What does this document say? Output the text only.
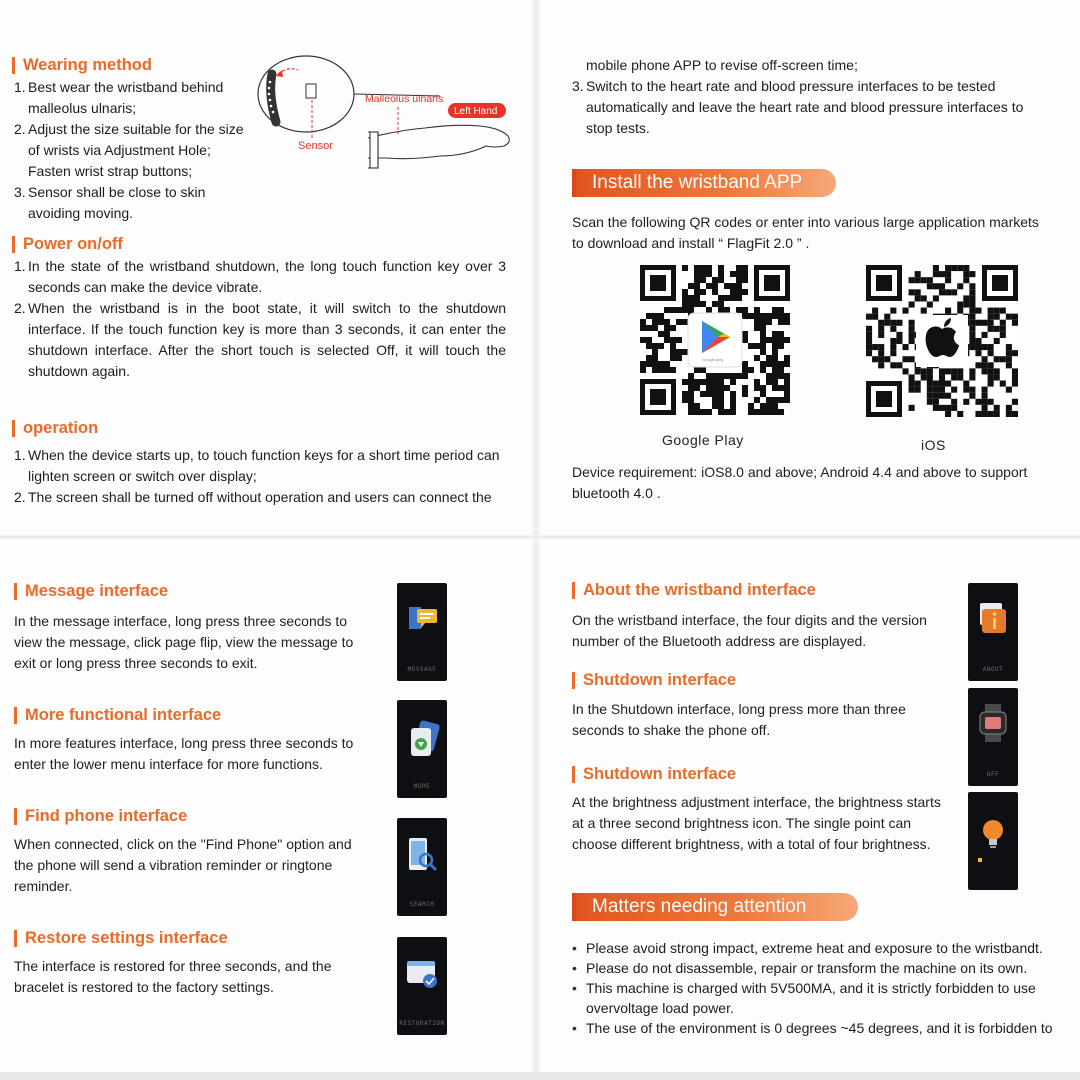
Wearing method
1. Best wear the wristband behind malleolus ulnaris;
2. Adjust the size suitable for the size of wrists via Adjustment Hole; Fasten wrist strap buttons;
3. Sensor shall be close to skin avoiding moving.
Sensor
Malleolus ulnaris
Left Hand
Power on/off
1. In the state of the wristband shutdown, the long touch function key over 3 seconds can make the device vibrate.
2. When the wristband is in the boot state, it will switch to the shutdown interface. If the touch function key is more than 3 seconds, it can enter the shutdown interface. After the short touch is selected Off, it will touch the shutdown again.
operation
1. When the device starts up, to touch function keys for a short time period can lighten screen or switch over display;
2. The screen shall be turned off without operation and users can connect the
mobile phone APP to revise off-screen time;
3. Switch to the heart rate and blood pressure interfaces to be tested automatically and leave the heart rate and blood pressure interfaces to stop tests.
Install the wristband APP
Scan the following QR codes or enter into various large application markets to download and install “ FlagFit 2.0 ” .
Google play
Google Play	iOS
Device requirement: iOS8.0 and above; Android 4.4 and above to support bluetooth 4.0 .
Message interface
In the message interface, long press three seconds to view the message, click page flip, view the message to exit or long press three seconds to exit.	MESSAGE
More functional interface
In more features interface, long press three seconds to enter the lower menu interface for more functions.
MORE
Find phone interface
When connected, click on the "Find Phone" option and the phone will send a vibration reminder or ringtone reminder.
SEARCH
Restore settings interface
The interface is restored for three seconds, and the bracelet is restored to the factory settings.
RESTORATION
About the wristband interface
On the wristband interface, the four digits and the version number of the Bluetooth address are displayed.
ABOUT
Shutdown interface
In the Shutdown interface, long press more than three seconds to shake the phone off.
OFF
Shutdown interface
At the brightness adjustment interface, the brightness starts at a three second brightness icon. The single point can choose different brightness, with a total of four brightness.
Matters needing attention
• Please avoid strong impact, extreme heat and exposure to the wristbandt.
• Please do not disassemble, repair or transform the machine on its own.
• This machine is charged with 5V500MA, and it is strictly forbidden to use overvoltage load power.
• The use of the environment is 0 degrees ~45 degrees, and it is forbidden to
